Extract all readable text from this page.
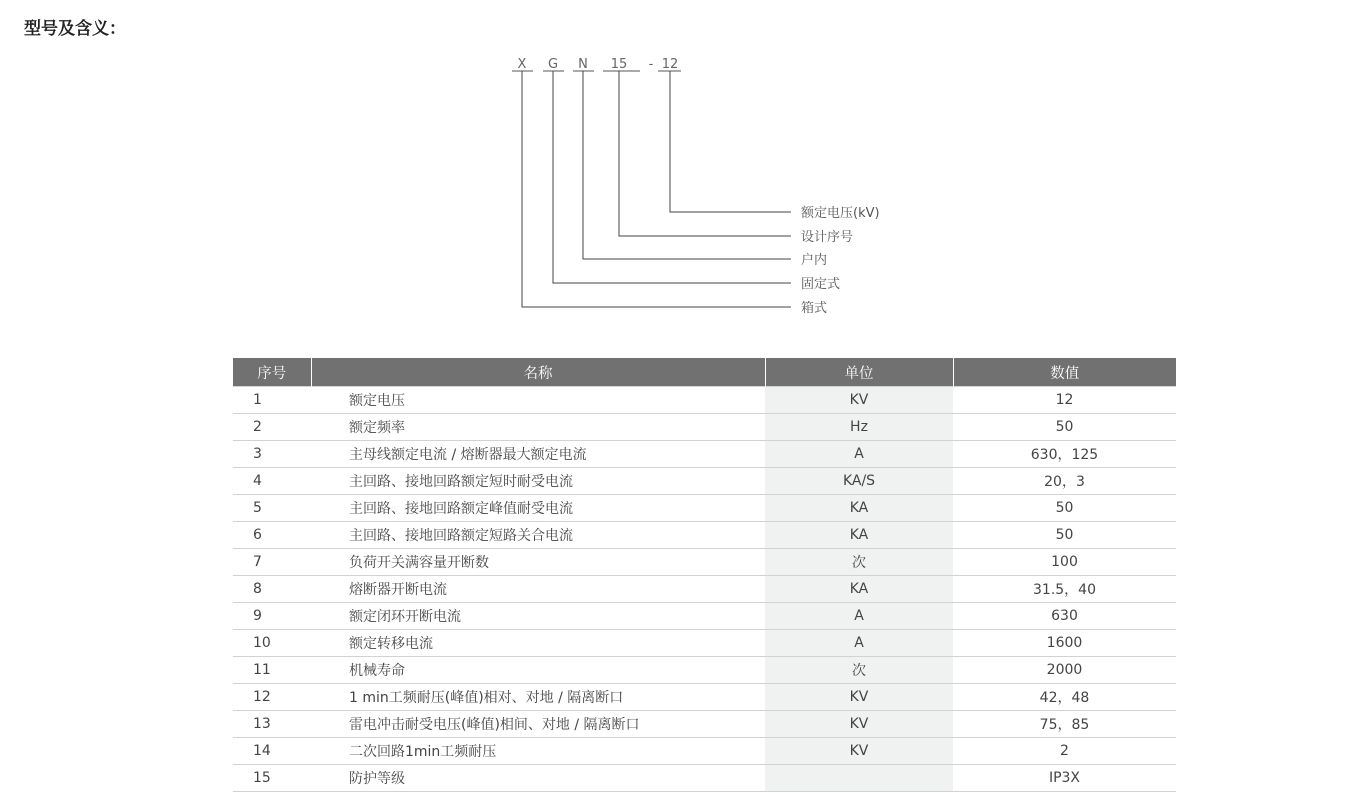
型号及含义：
X G N 15 - 12
额定电压(kV)
设计序号
户内
固定式
箱式
序号	名称	单位	数值
1	额定电压	KV	12
2	额定频率	Hz	50
3	主母线额定电流 / 熔断器最大额定电流	A	630，125
4	主回路、接地回路额定短时耐受电流	KA/S	20，3
5	主回路、接地回路额定峰值耐受电流	KA	50
6	主回路、接地回路额定短路关合电流	KA	50
7	负荷开关满容量开断数	次	100
8	熔断器开断电流	KA	31.5，40
9	额定闭环开断电流	A	630
10	额定转移电流	A	1600
11	机械寿命	次	2000
12	1 min工频耐压(峰值)相对、对地 / 隔离断口	KV	42，48
13	雷电冲击耐受电压(峰值)相间、对地 / 隔离断口	KV	75，85
14	二次回路1min工频耐压	KV	2
15	防护等级		IP3X
